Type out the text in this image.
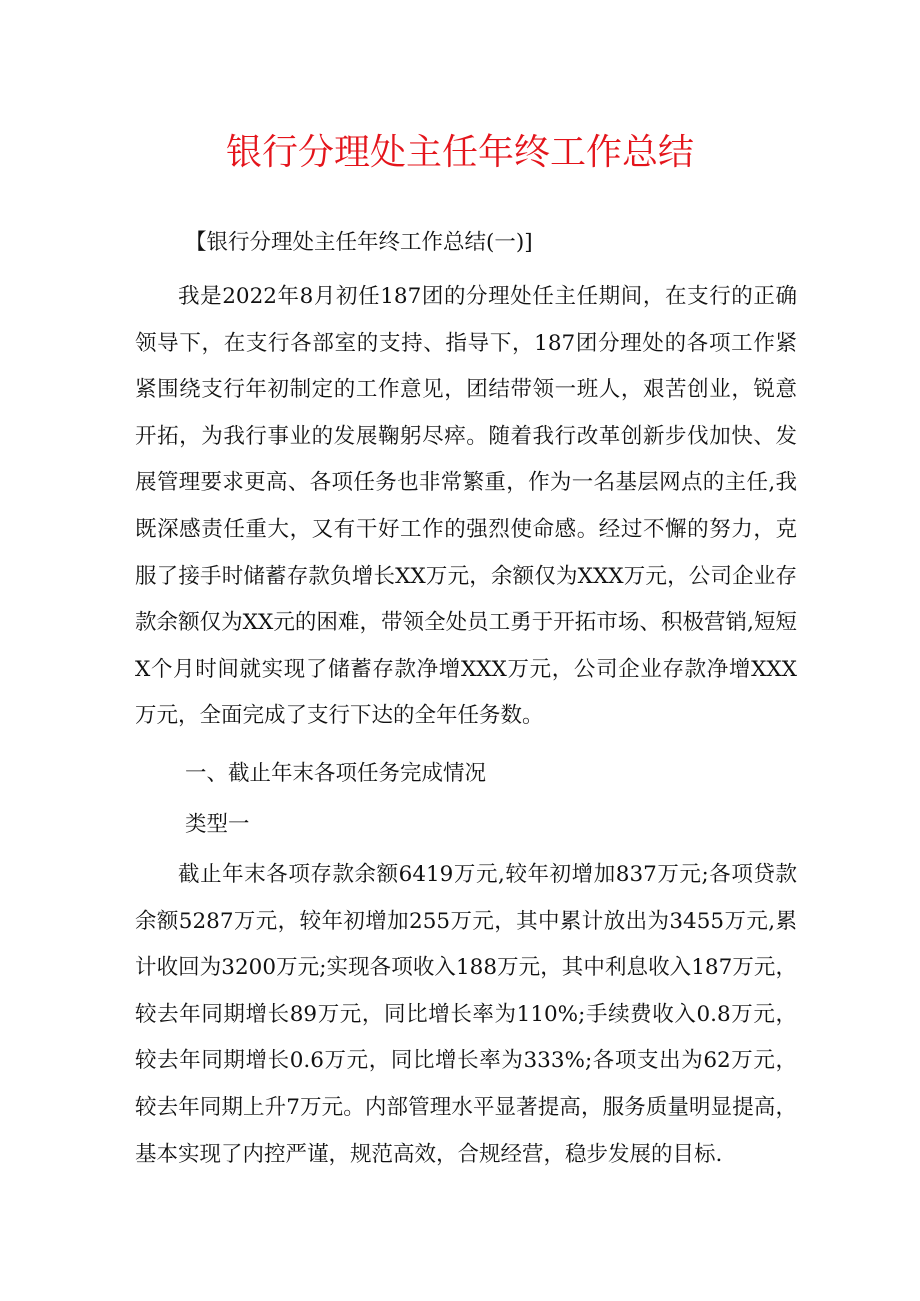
银行分理处主任年终工作总结
【银行分理处主任年终工作总结(一)]

我是2022年8月初任187团的分理处任主任期间，在支行的正确领导下，在支行各部室的支持、指导下，187团分理处的各项工作紧紧围绕支行年初制定的工作意见，团结带领一班人，艰苦创业，锐意开拓，为我行事业的发展鞠躬尽瘁。随着我行改革创新步伐加快、发展管理要求更高、各项任务也非常繁重，作为一名基层网点的主任,我既深感责任重大，又有干好工作的强烈使命感。经过不懈的努力，克服了接手时储蓄存款负增长XX万元，余额仅为XXX万元，公司企业存款余额仅为XX元的困难，带领全处员工勇于开拓市场、积极营销,短短X个月时间就实现了储蓄存款净增XXX万元，公司企业存款净增XXX万元，全面完成了支行下达的全年任务数。

一、截止年末各项任务完成情况
类型一

截止年末各项存款余额6419万元,较年初增加837万元;各项贷款余额5287万元，较年初增加255万元，其中累计放出为3455万元,累计收回为3200万元;实现各项收入188万元，其中利息收入187万元，较去年同期增长89万元，同比增长率为110%;手续费收入0.8万元，较去年同期增长0.6万元，同比增长率为333%;各项支出为62万元，较去年同期上升7万元。内部管理水平显著提高，服务质量明显提高，基本实现了内控严谨，规范高效，合规经营，稳步发展的目标.
